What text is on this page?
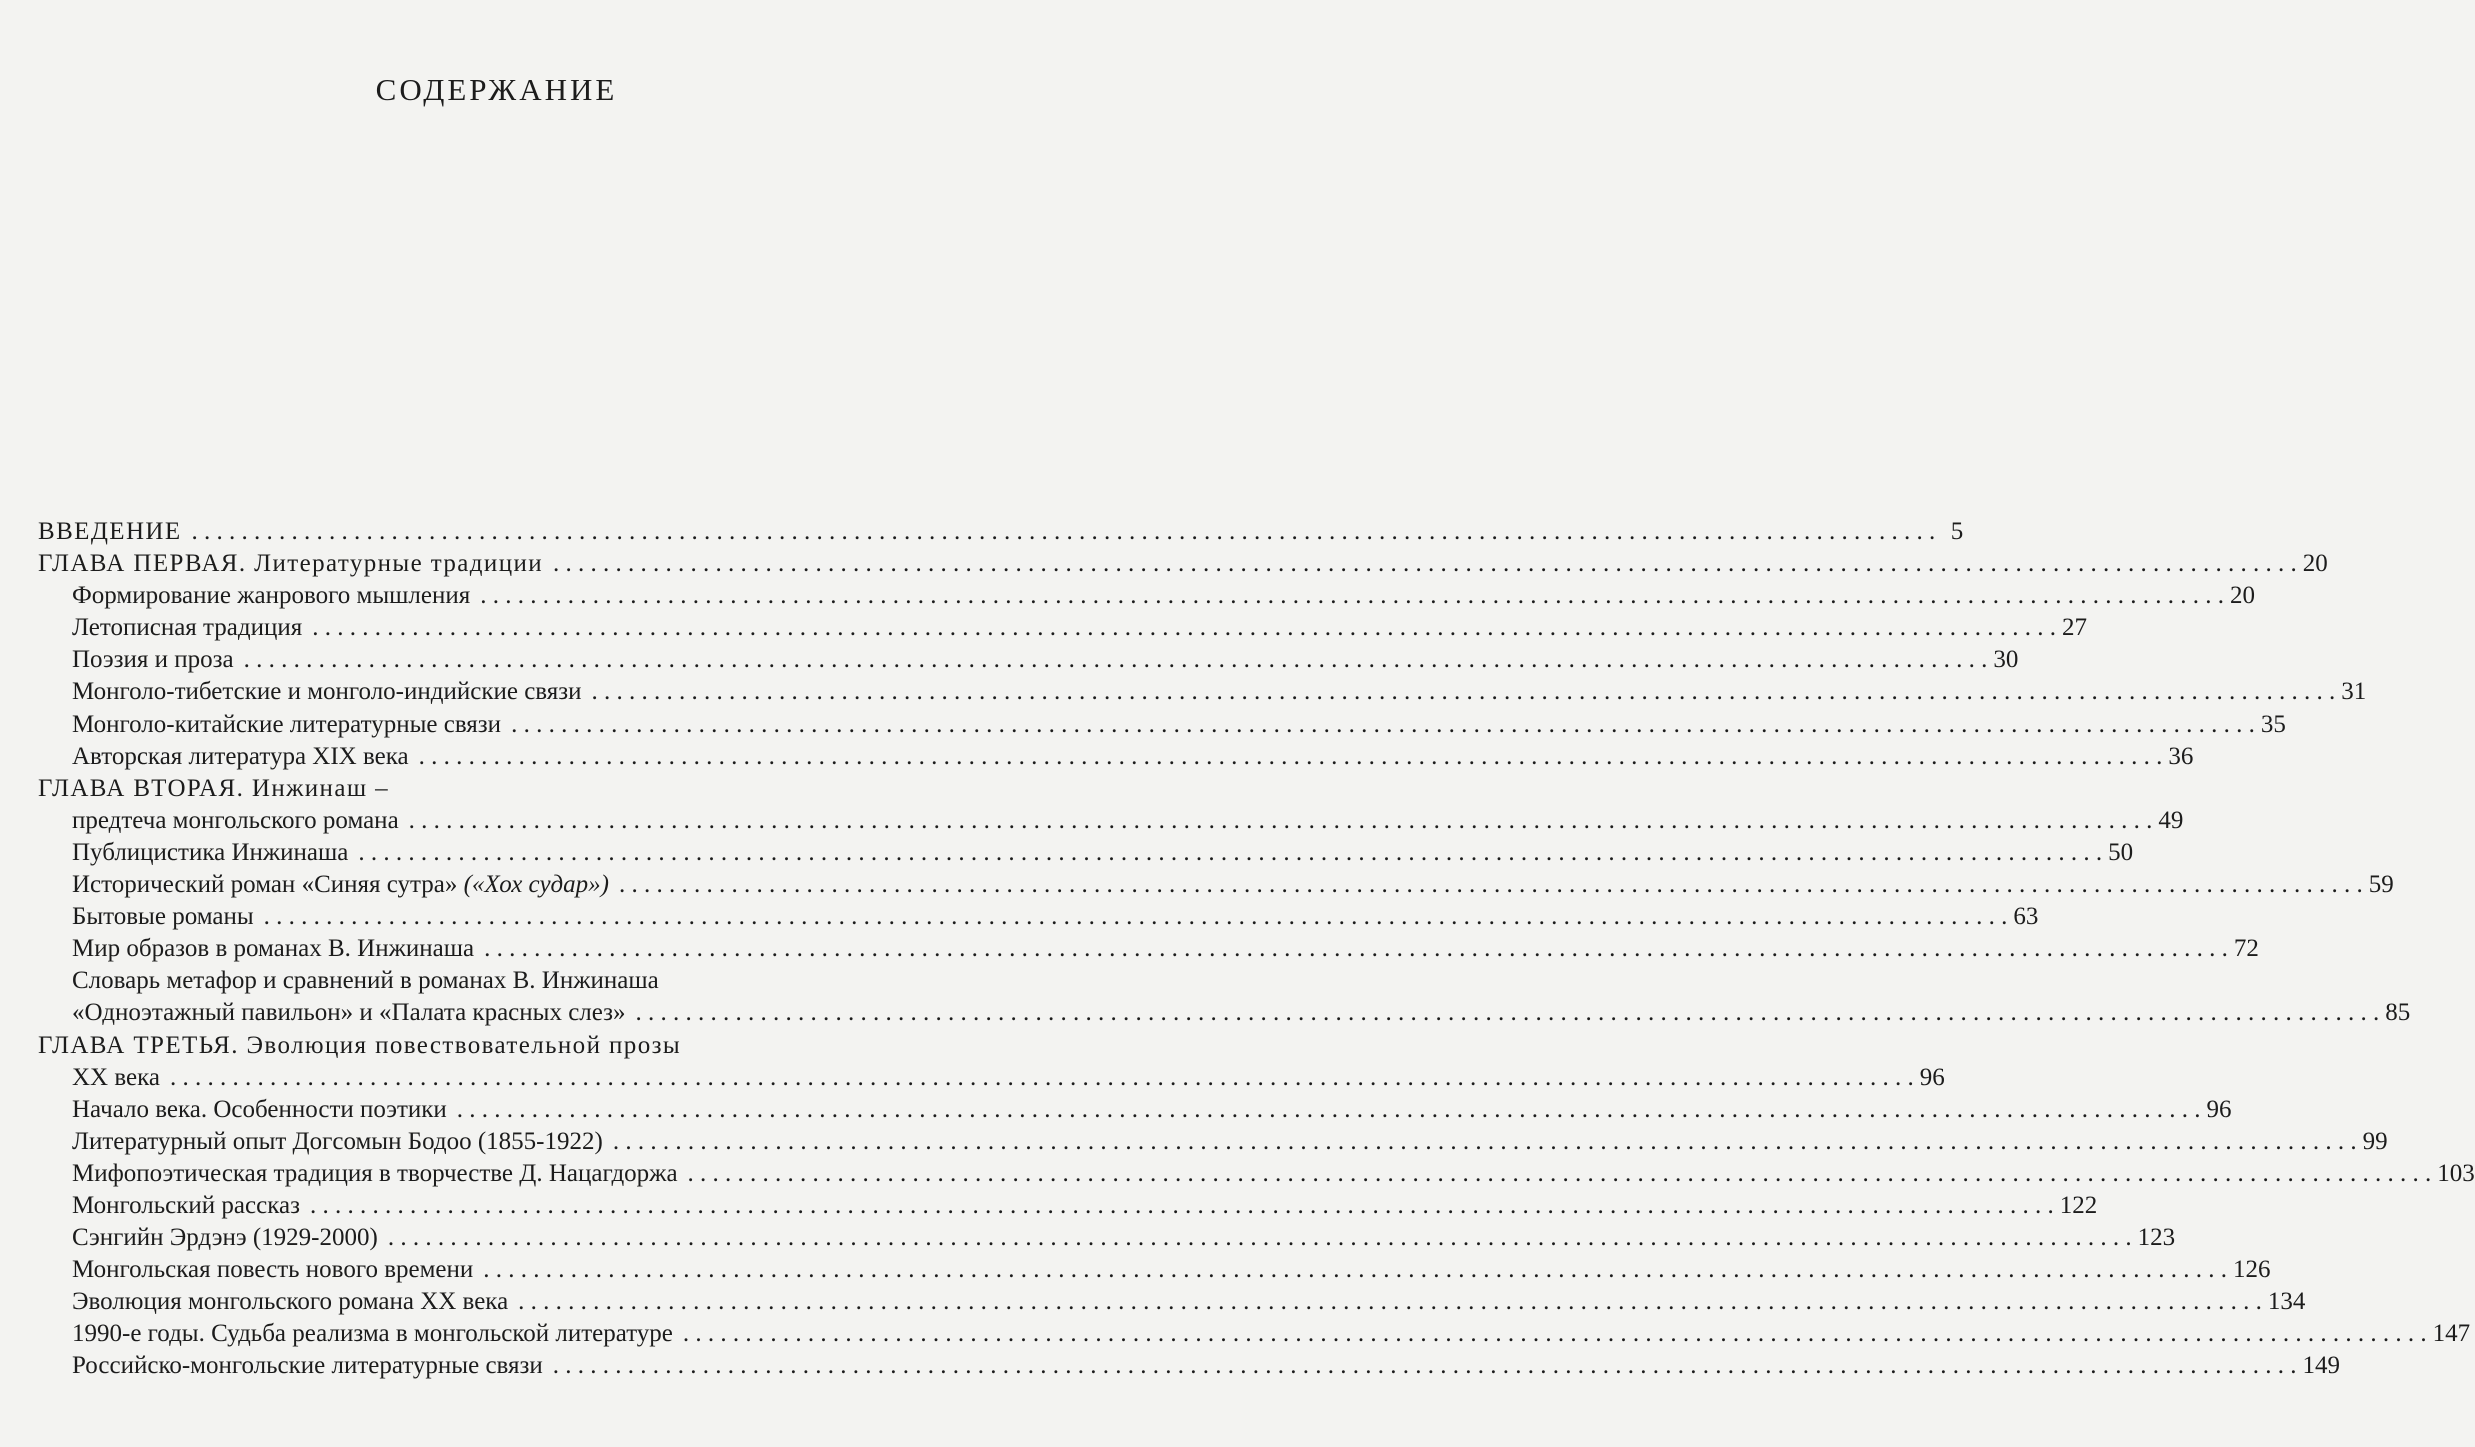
СОДЕРЖАНИЕ
ВВЕДЕНИЕ . . .	5
ГЛАВА ПЕРВАЯ. Литературные традиции . . .	20
Формирование жанрового мышления . . .	20
Летописная традиция . . .	27
Поэзия и проза . . .	30
Монголо-тибетские и монголо-индийские связи . . .	31
Монголо-китайские литературные связи . . .	35
Авторская литература XIX века . . .	36
ГЛАВА ВТОРАЯ. Инжинаш –
предтеча монгольского романа . . .	49
Публицистика Инжинаша . . .	50
Исторический роман «Синяя сутра» («Хох судар») . . .	59
Бытовые романы . . .	63
Мир образов в романах В. Инжинаша . . .	72
Словарь метафор и сравнений в романах В. Инжинаша
«Одноэтажный павильон» и «Палата красных слез» . . .	85
ГЛАВА ТРЕТЬЯ. Эволюция повествовательной прозы
XX века . . .	96
Начало века. Особенности поэтики . . .	96
Литературный опыт Догсомын Бодоо (1855-1922) . . .	99
Мифопоэтическая традиция в творчестве Д. Нацагдоржа . . .	103
Монгольский рассказ . . .	122
Сэнгийн Эрдэнэ (1929-2000) . . .	123
Монгольская повесть нового времени . . .	126
Эволюция монгольского романа XX века . . .	134
1990-е годы. Судьба реализма в монгольской литературе . . .	147
Российско-монгольские литературные связи . . .	149
